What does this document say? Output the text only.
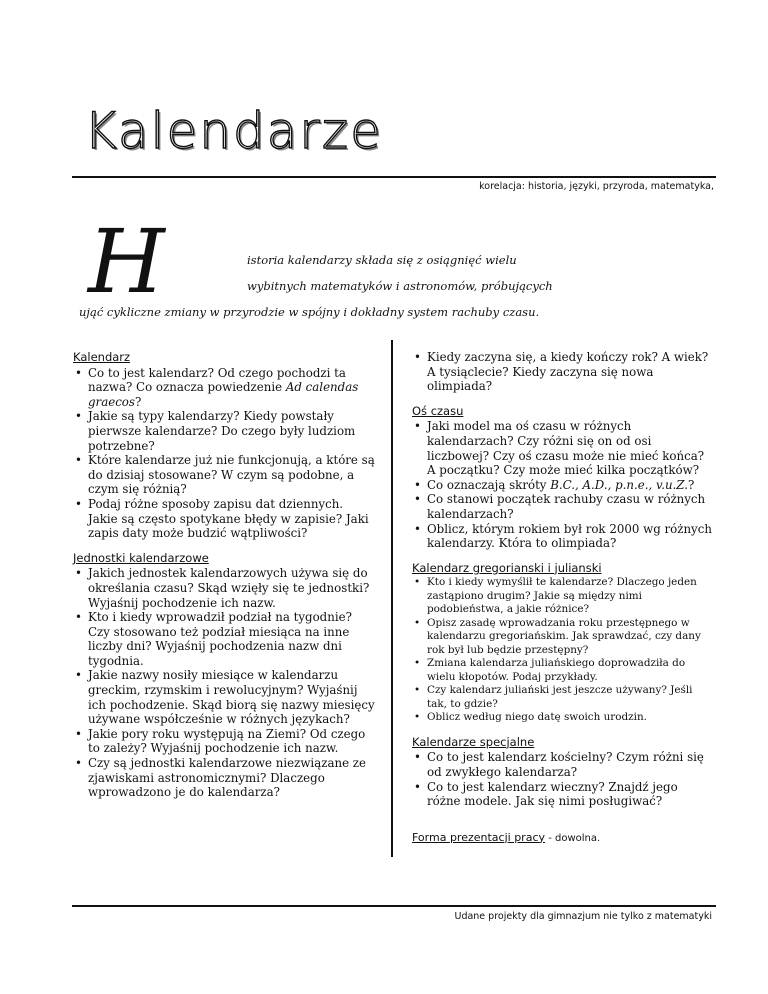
Kalendarze
korelacja: historia, języki, przyroda, matematyka,
H	istoria kalendarzy składa się z osiągnięć wielu
wybitnych matematyków i astronomów, próbujących
ująć cykliczne zmiany w przyrodzie w spójny i dokładny system rachuby czasu.
Kalendarz
• Co to jest kalendarz? Od czego pochodzi ta nazwa? Co oznacza powiedzenie Ad calendas graecos?
• Jakie są typy kalendarzy? Kiedy powstały pierwsze kalendarze? Do czego były ludziom potrzebne?
• Które kalendarze już nie funkcjonują, a które są do dzisiaj stosowane? W czym są podobne, a czym się różnią?
• Podaj różne sposoby zapisu dat dziennych. Jakie są często spotykane błędy w zapisie? Jaki zapis daty może budzić wątpliwości?
Jednostki kalendarzowe
• Jakich jednostek kalendarzowych używa się do określania czasu? Skąd wzięły się te jednostki? Wyjaśnij pochodzenie ich nazw.
• Kto i kiedy wprowadził podział na tygodnie? Czy stosowano też podział miesiąca na inne liczby dni? Wyjaśnij pochodzenia nazw dni tygodnia.
• Jakie nazwy nosiły miesiące w kalendarzu greckim, rzymskim i rewolucyjnym? Wyjaśnij ich pochodzenie. Skąd biorą się nazwy miesięcy używane współcześnie w różnych językach?
• Jakie pory roku występują na Ziemi? Od czego to zależy? Wyjaśnij pochodzenie ich nazw.
• Czy są jednostki kalendarzowe niezwiązane ze zjawiskami astronomicznymi? Dlaczego wprowadzono je do kalendarza?
• Kiedy zaczyna się, a kiedy kończy rok? A wiek? A tysiąclecie? Kiedy zaczyna się nowa olimpiada?
Oś czasu
• Jaki model ma oś czasu w różnych kalendarzach? Czy różni się on od osi liczbowej? Czy oś czasu może nie mieć końca? A początku? Czy może mieć kilka początków?
• Co oznaczają skróty B.C., A.D., p.n.e., v.u.Z.?
• Co stanowi początek rachuby czasu w różnych kalendarzach?
• Oblicz, którym rokiem był rok 2000 wg różnych kalendarzy. Która to olimpiada?
Kalendarz gregorianski i julianski
• Kto i kiedy wymyślił te kalendarze? Dlaczego jeden zastąpiono drugim? Jakie są między nimi podobieństwa, a jakie różnice?
• Opisz zasadę wprowadzania roku przestępnego w kalendarzu gregoriańskim. Jak sprawdzać, czy dany rok był lub będzie przestępny?
• Zmiana kalendarza juliańskiego doprowadziła do wielu kłopotów. Podaj przykłady.
• Czy kalendarz juliański jest jeszcze używany? Jeśli tak, to gdzie?
• Oblicz według niego datę swoich urodzin.
Kalendarze specjalne
• Co to jest kalendarz kościelny? Czym różni się od zwykłego kalendarza?
• Co to jest kalendarz wieczny? Znajdź jego różne modele. Jak się nimi posługiwać?
Forma prezentacji pracy - dowolna.
Udane projekty dla gimnazjum nie tylko z matematyki
